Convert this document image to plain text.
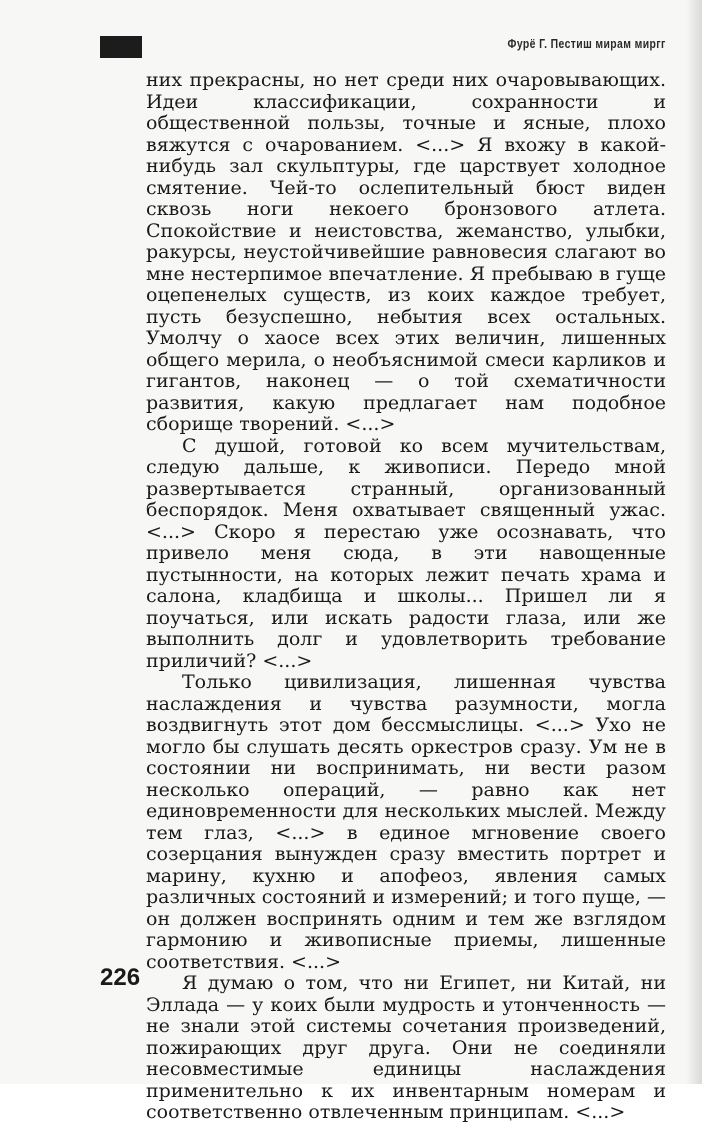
Фурё Г. Пестиш мирам миргг

них прекрасны, но нет среди них очаровывающих. Идеи классификации, сохранности и общественной пользы, точные и ясные, плохо вяжутся с очарованием. <...> Я вхожу в какой-нибудь зал скульптуры, где царствует холодное смятение. Чей-то ослепительный бюст виден сквозь ноги некоего бронзового атлета. Спокойствие и неистовства, жеманство, улыбки, ракурсы, неустойчивейшие равновесия слагают во мне нестерпимое впечатление. Я пребываю в гуще оцепенелых существ, из коих каждое требует, пусть безуспешно, небытия всех остальных. Умолчу о хаосе всех этих величин, лишенных общего мерила, о необъяснимой смеси карликов и гигантов, наконец — о той схематичности развития, какую предлагает нам подобное сборище творений. <...>

С душой, готовой ко всем мучительствам, следую дальше, к живописи. Передо мной развертывается странный, организованный беспорядок. Меня охватывает священный ужас. <...> Скоро я перестаю уже осознавать, что привело меня сюда, в эти навощенные пустынности, на которых лежит печать храма и салона, кладбища и школы... Пришел ли я поучаться, или искать радости глаза, или же выполнить долг и удовлетворить требование приличий? <...>

Только цивилизация, лишенная чувства наслаждения и чувства разумности, могла воздвигнуть этот дом бессмыслицы. <...> Ухо не могло бы слушать десять оркестров сразу. Ум не в состоянии ни воспринимать, ни вести разом несколько операций, — равно как нет единовременности для нескольких мыслей. Между тем глаз, <...> в единое мгновение своего созерцания вынужден сразу вместить портрет и марину, кухню и апофеоз, явления самых различных состояний и измерений; и того пуще, — он должен воспринять одним и тем же взглядом гармонию и живописные приемы, лишенные соответствия. <...>

Я думаю о том, что ни Египет, ни Китай, ни Эллада — у коих были мудрость и утонченность — не знали этой системы сочетания произведений, пожирающих друг друга. Они не соединяли несовместимые единицы наслаждения применительно к их инвентарным номерам и соответственно отвлеченным принципам. <...>

226
